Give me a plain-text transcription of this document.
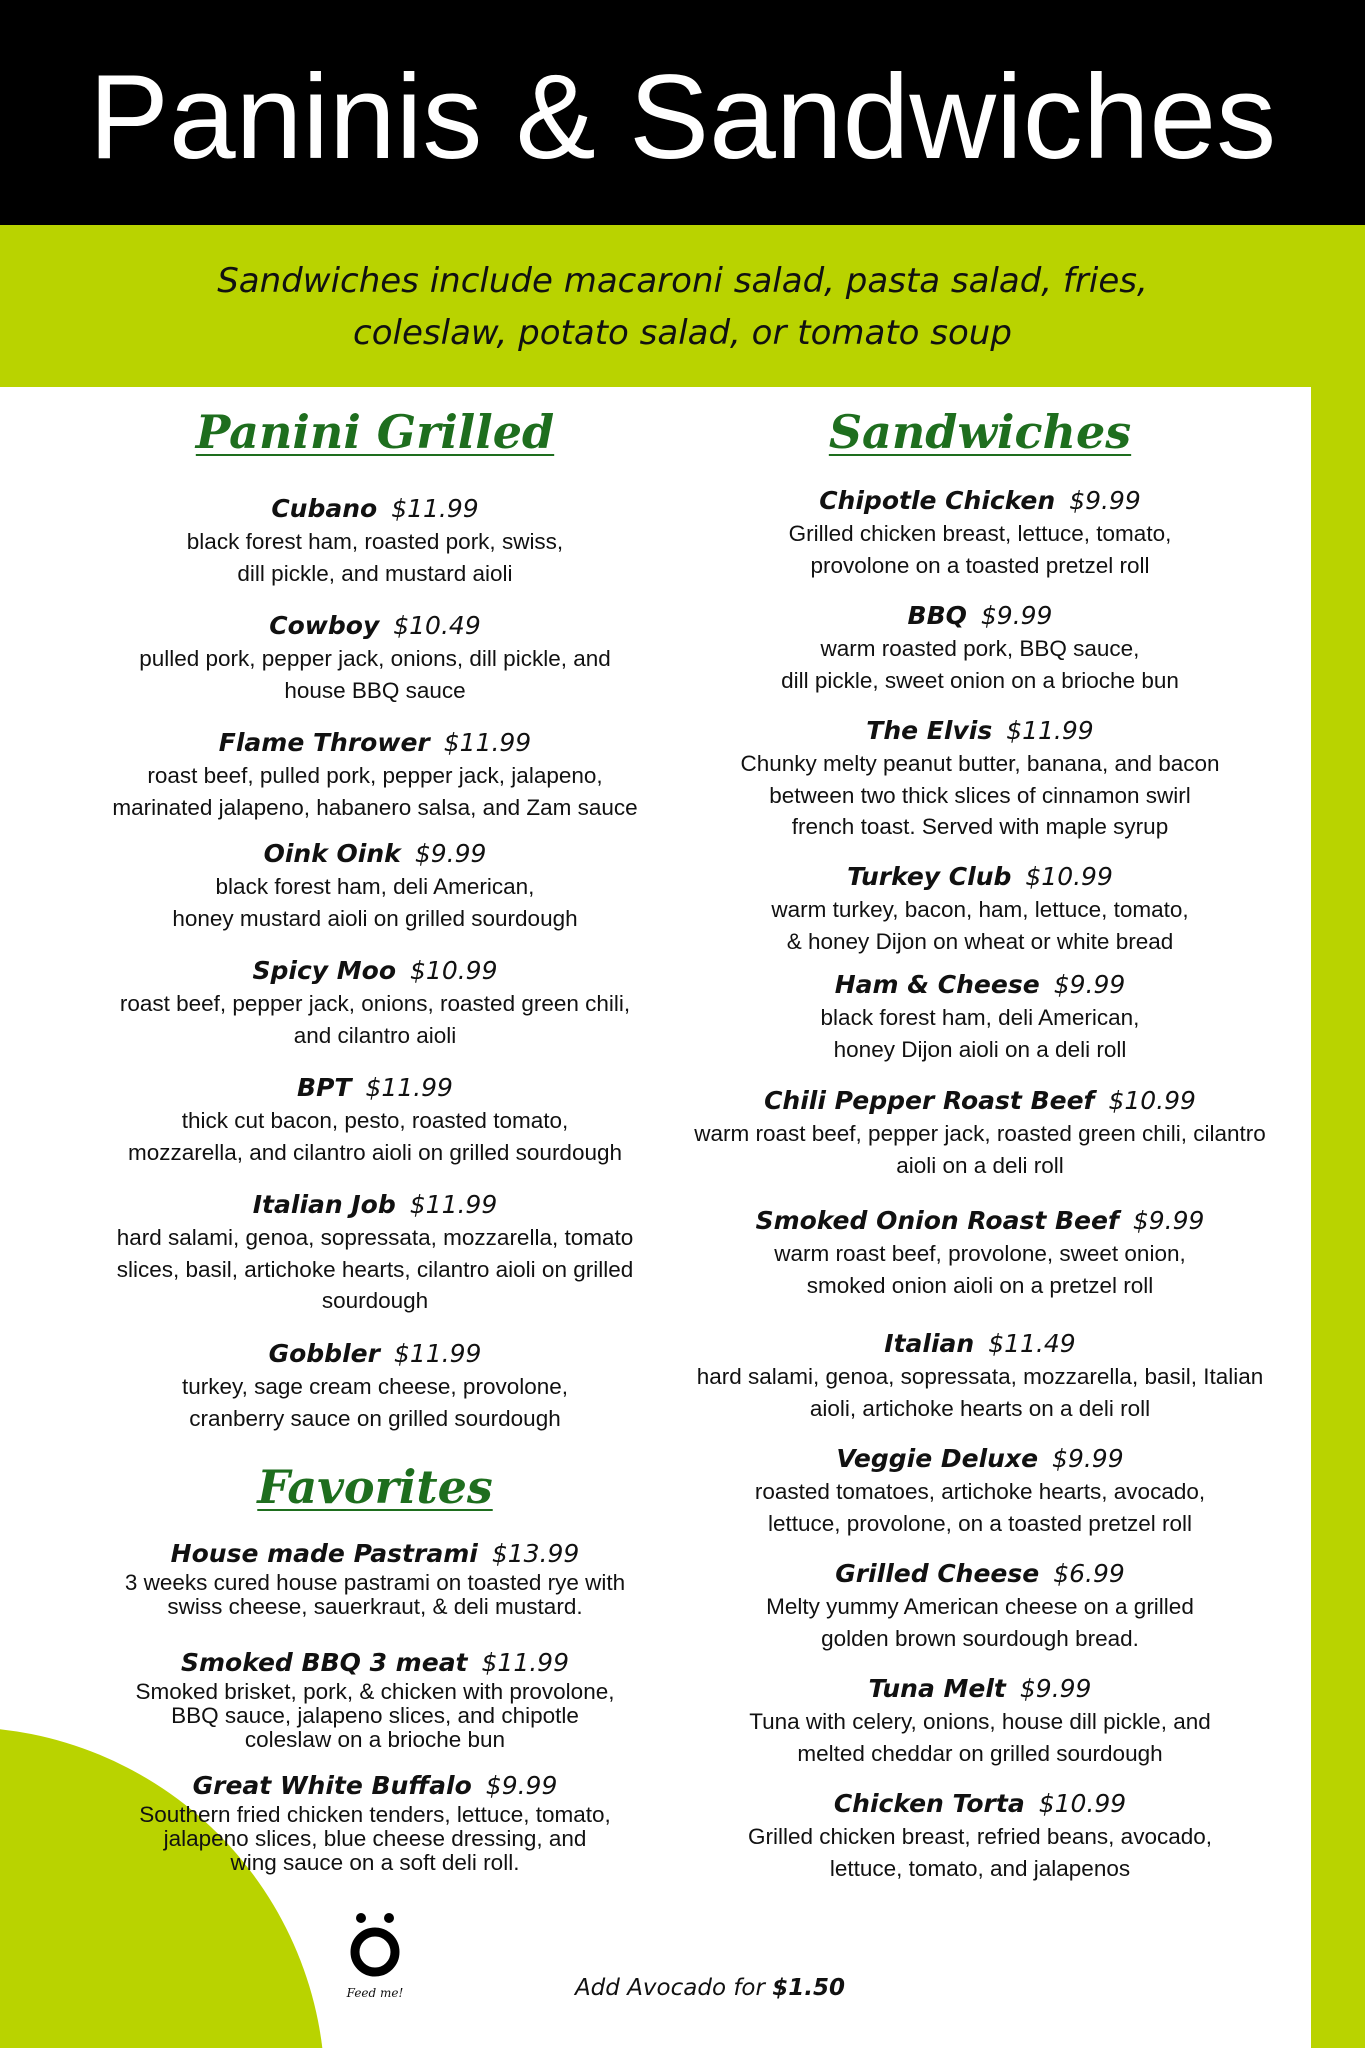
Paninis & Sandwiches
Sandwiches include macaroni salad, pasta salad, fries,
coleslaw, potato salad, or tomato soup
Panini Grilled
Cubano $11.99
black forest ham, roasted pork, swiss,
dill pickle, and mustard aioli
Cowboy $10.49
pulled pork, pepper jack, onions, dill pickle, and
house BBQ sauce
Flame Thrower $11.99
roast beef, pulled pork, pepper jack, jalapeno,
marinated jalapeno, habanero salsa, and Zam sauce
Oink Oink $9.99
black forest ham, deli American,
honey mustard aioli on grilled sourdough
Spicy Moo $10.99
roast beef, pepper jack, onions, roasted green chili,
and cilantro aioli
BPT $11.99
thick cut bacon, pesto, roasted tomato,
mozzarella, and cilantro aioli on grilled sourdough
Italian Job $11.99
hard salami, genoa, sopressata, mozzarella, tomato
slices, basil, artichoke hearts, cilantro aioli on grilled
sourdough
Gobbler $11.99
turkey, sage cream cheese, provolone,
cranberry sauce on grilled sourdough
Favorites
House made Pastrami $13.99
3 weeks cured house pastrami on toasted rye with
swiss cheese, sauerkraut, & deli mustard.
Smoked BBQ 3 meat $11.99
Smoked brisket, pork, & chicken with provolone,
BBQ sauce, jalapeno slices, and chipotle
coleslaw on a brioche bun
Great White Buffalo $9.99
Southern fried chicken tenders, lettuce, tomato,
jalapeno slices, blue cheese dressing, and
wing sauce on a soft deli roll.
Sandwiches
Chipotle Chicken $9.99
Grilled chicken breast, lettuce, tomato,
provolone on a toasted pretzel roll
BBQ $9.99
warm roasted pork, BBQ sauce,
dill pickle, sweet onion on a brioche bun
The Elvis $11.99
Chunky melty peanut butter, banana, and bacon
between two thick slices of cinnamon swirl
french toast. Served with maple syrup
Turkey Club $10.99
warm turkey, bacon, ham, lettuce, tomato,
& honey Dijon on wheat or white bread
Ham & Cheese $9.99
black forest ham, deli American,
honey Dijon aioli on a deli roll
Chili Pepper Roast Beef $10.99
warm roast beef, pepper jack, roasted green chili, cilantro
aioli on a deli roll
Smoked Onion Roast Beef $9.99
warm roast beef, provolone, sweet onion,
smoked onion aioli on a pretzel roll
Italian $11.49
hard salami, genoa, sopressata, mozzarella, basil, Italian
aioli, artichoke hearts on a deli roll
Veggie Deluxe $9.99
roasted tomatoes, artichoke hearts, avocado,
lettuce, provolone, on a toasted pretzel roll
Grilled Cheese $6.99
Melty yummy American cheese on a grilled
golden brown sourdough bread.
Tuna Melt $9.99
Tuna with celery, onions, house dill pickle, and
melted cheddar on grilled sourdough
Chicken Torta $10.99
Grilled chicken breast, refried beans, avocado,
lettuce, tomato, and jalapenos
Feed me!	Add Avocado for $1.50
